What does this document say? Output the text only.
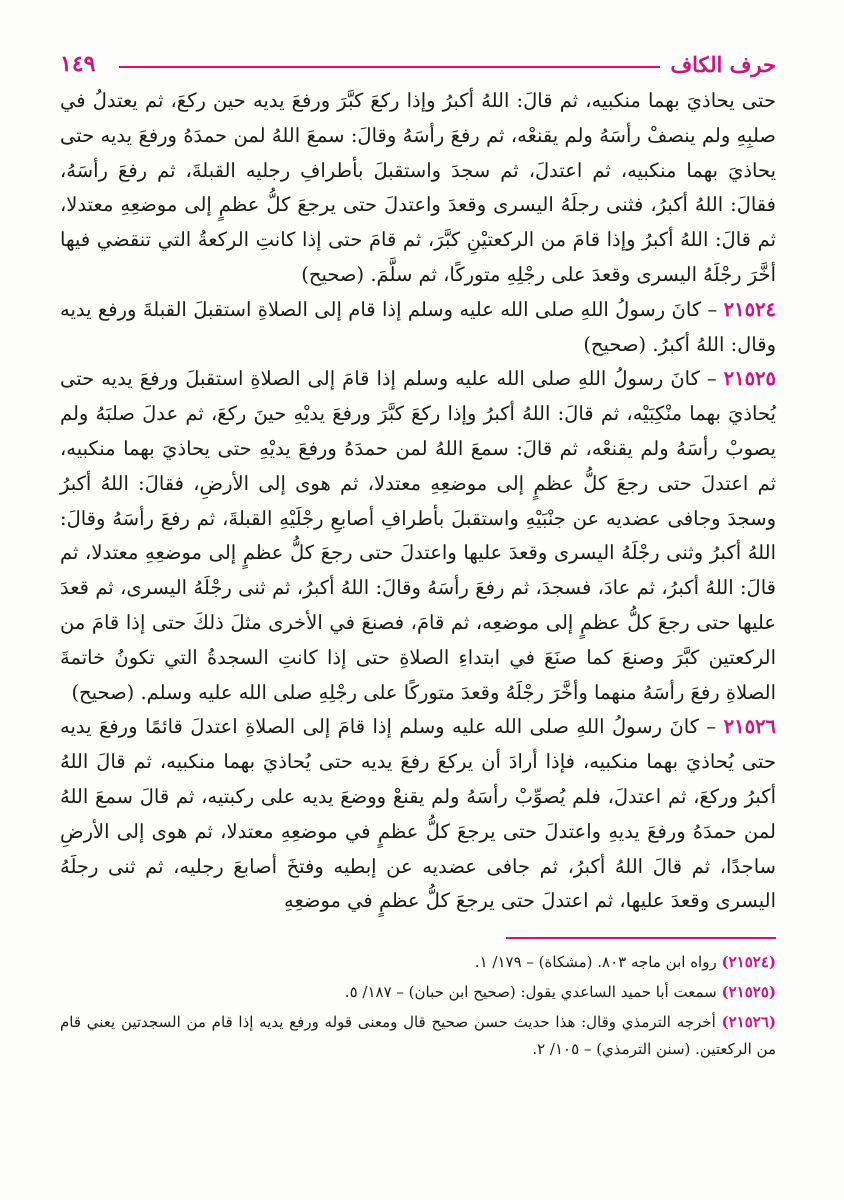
حرف الكاف
١٤٩

حتى يحاذيَ بهما منكبيه، ثم قالَ: اللهُ أكبرُ وإذا ركعَ كبَّرَ ورفعَ يديه حين ركعَ، ثم يعتدلُ في صلبِهِ ولم ينصفْ رأسَهُ ولم يقنعْه، ثم رفعَ رأسَهُ وقالَ: سمعَ اللهُ لمن حمدَهُ ورفعَ يديه حتى يحاذيَ بهما منكبيه، ثم اعتدلَ، ثم سجدَ واستقبلَ بأطرافِ رجليه القبلةَ، ثم رفعَ رأسَهُ، فقالَ: اللهُ أكبرُ، فثنى رجلَهُ اليسرى وقعدَ واعتدلَ حتى يرجعَ كلُّ عظمٍ إلى موضعِهِ معتدلا، ثم قالَ: اللهُ أكبرُ وإذا قامَ من الركعتيْنِ كبَّرَ، ثم قامَ حتى إذا كانتِ الركعةُ التي تنقضي فيها أخَّرَ رجْلَهُ اليسرى وقعدَ على رجْلِهِ متوركًا، ثم سلَّمَ. (صحيح)

٢١٥٢٤ – كانَ رسولُ اللهِ صلى الله عليه وسلم إذا قام إلى الصلاةِ استقبلَ القبلةَ ورفع يديه وقال: اللهُ أكبرُ. (صحيح)

٢١٥٢٥ – كانَ رسولُ اللهِ صلى الله عليه وسلم إذا قامَ إلى الصلاةِ استقبلَ ورفعَ يديه حتى يُحاذيَ بهما منْكِبَيْه، ثم قالَ: اللهُ أكبرُ وإذا ركعَ كبَّرَ ورفعَ يديْهِ حينَ ركعَ، ثم عدلَ صلبَهُ ولم يصوبْ رأسَهُ ولم يقنعْه، ثم قالَ: سمعَ اللهُ لمن حمدَهُ ورفعَ يديْهِ حتى يحاذيَ بهما منكبيه، ثم اعتدلَ حتى رجعَ كلُّ عظمٍ إلى موضعِهِ معتدلا، ثم هوى إلى الأرضِ، فقالَ: اللهُ أكبرُ وسجدَ وجافى عضديه عن جنْبَيْهِ واستقبلَ بأطرافِ أصابعِ رجْلَيْهِ القبلةَ، ثم رفعَ رأسَهُ وقالَ: اللهُ أكبرُ وثنى رجْلَهُ اليسرى وقعدَ عليها واعتدلَ حتى رجعَ كلُّ عظمٍ إلى موضعِهِ معتدلا، ثم قالَ: اللهُ أكبرُ، ثم عادَ، فسجدَ، ثم رفعَ رأسَهُ وقالَ: اللهُ أكبرُ، ثم ثنى رجْلَهُ اليسرى، ثم قعدَ عليها حتى رجعَ كلُّ عظمٍ إلى موضعِه، ثم قامَ، فصنعَ في الأخرى مثلَ ذلكَ حتى إذا قامَ من الركعتين كبَّرَ وصنعَ كما صنَعَ في ابتداءِ الصلاةِ حتى إذا كانتِ السجدةُ التي تكونُ خاتمةَ الصلاةِ رفعَ رأسَهُ منهما وأخَّرَ رجْلَهُ وقعدَ متوركًا على رجْلِهِ صلى الله عليه وسلم. (صحيح)

٢١٥٢٦ – كانَ رسولُ اللهِ صلى الله عليه وسلم إذا قامَ إلى الصلاةِ اعتدلَ قائمًا ورفعَ يديه حتى يُحاذيَ بهما منكبيه، فإذا أرادَ أن يركعَ رفعَ يديه حتى يُحاذيَ بهما منكبيه، ثم قالَ اللهُ أكبرُ وركعَ، ثم اعتدلَ، فلم يُصوِّبْ رأسَهُ ولم يقنعْ ووضعَ يديه على ركبتيه، ثم قالَ سمعَ اللهُ لمن حمدَهُ ورفعَ يديهِ واعتدلَ حتى يرجعَ كلُّ عظمٍ في موضعِهِ معتدلا، ثم هوى إلى الأرضِ ساجدًا، ثم قالَ اللهُ أكبرُ، ثم جافى عضديه عن إبطيه وفتخَ أصابعَ رجليه، ثم ثنى رجلَهُ اليسرى وقعدَ عليها، ثم اعتدلَ حتى يرجعَ كلُّ عظمٍ في موضعِهِ

(٢١٥٢٤) رواه ابن ماجه ٨٠٣. (مشكاة) – ١٧٩/ ١.

(٢١٥٢٥) سمعت أبا حميد الساعدي يقول: (صحيح ابن حبان) – ١٨٧/ ٥.

(٢١٥٢٦) أخرجه الترمذي وقال: هذا حديث حسن صحيح قال ومعنى قوله ورفع يديه إذا قام من السجدتين يعني قام من الركعتين. (سنن الترمذي) – ١٠٥/ ٢.
